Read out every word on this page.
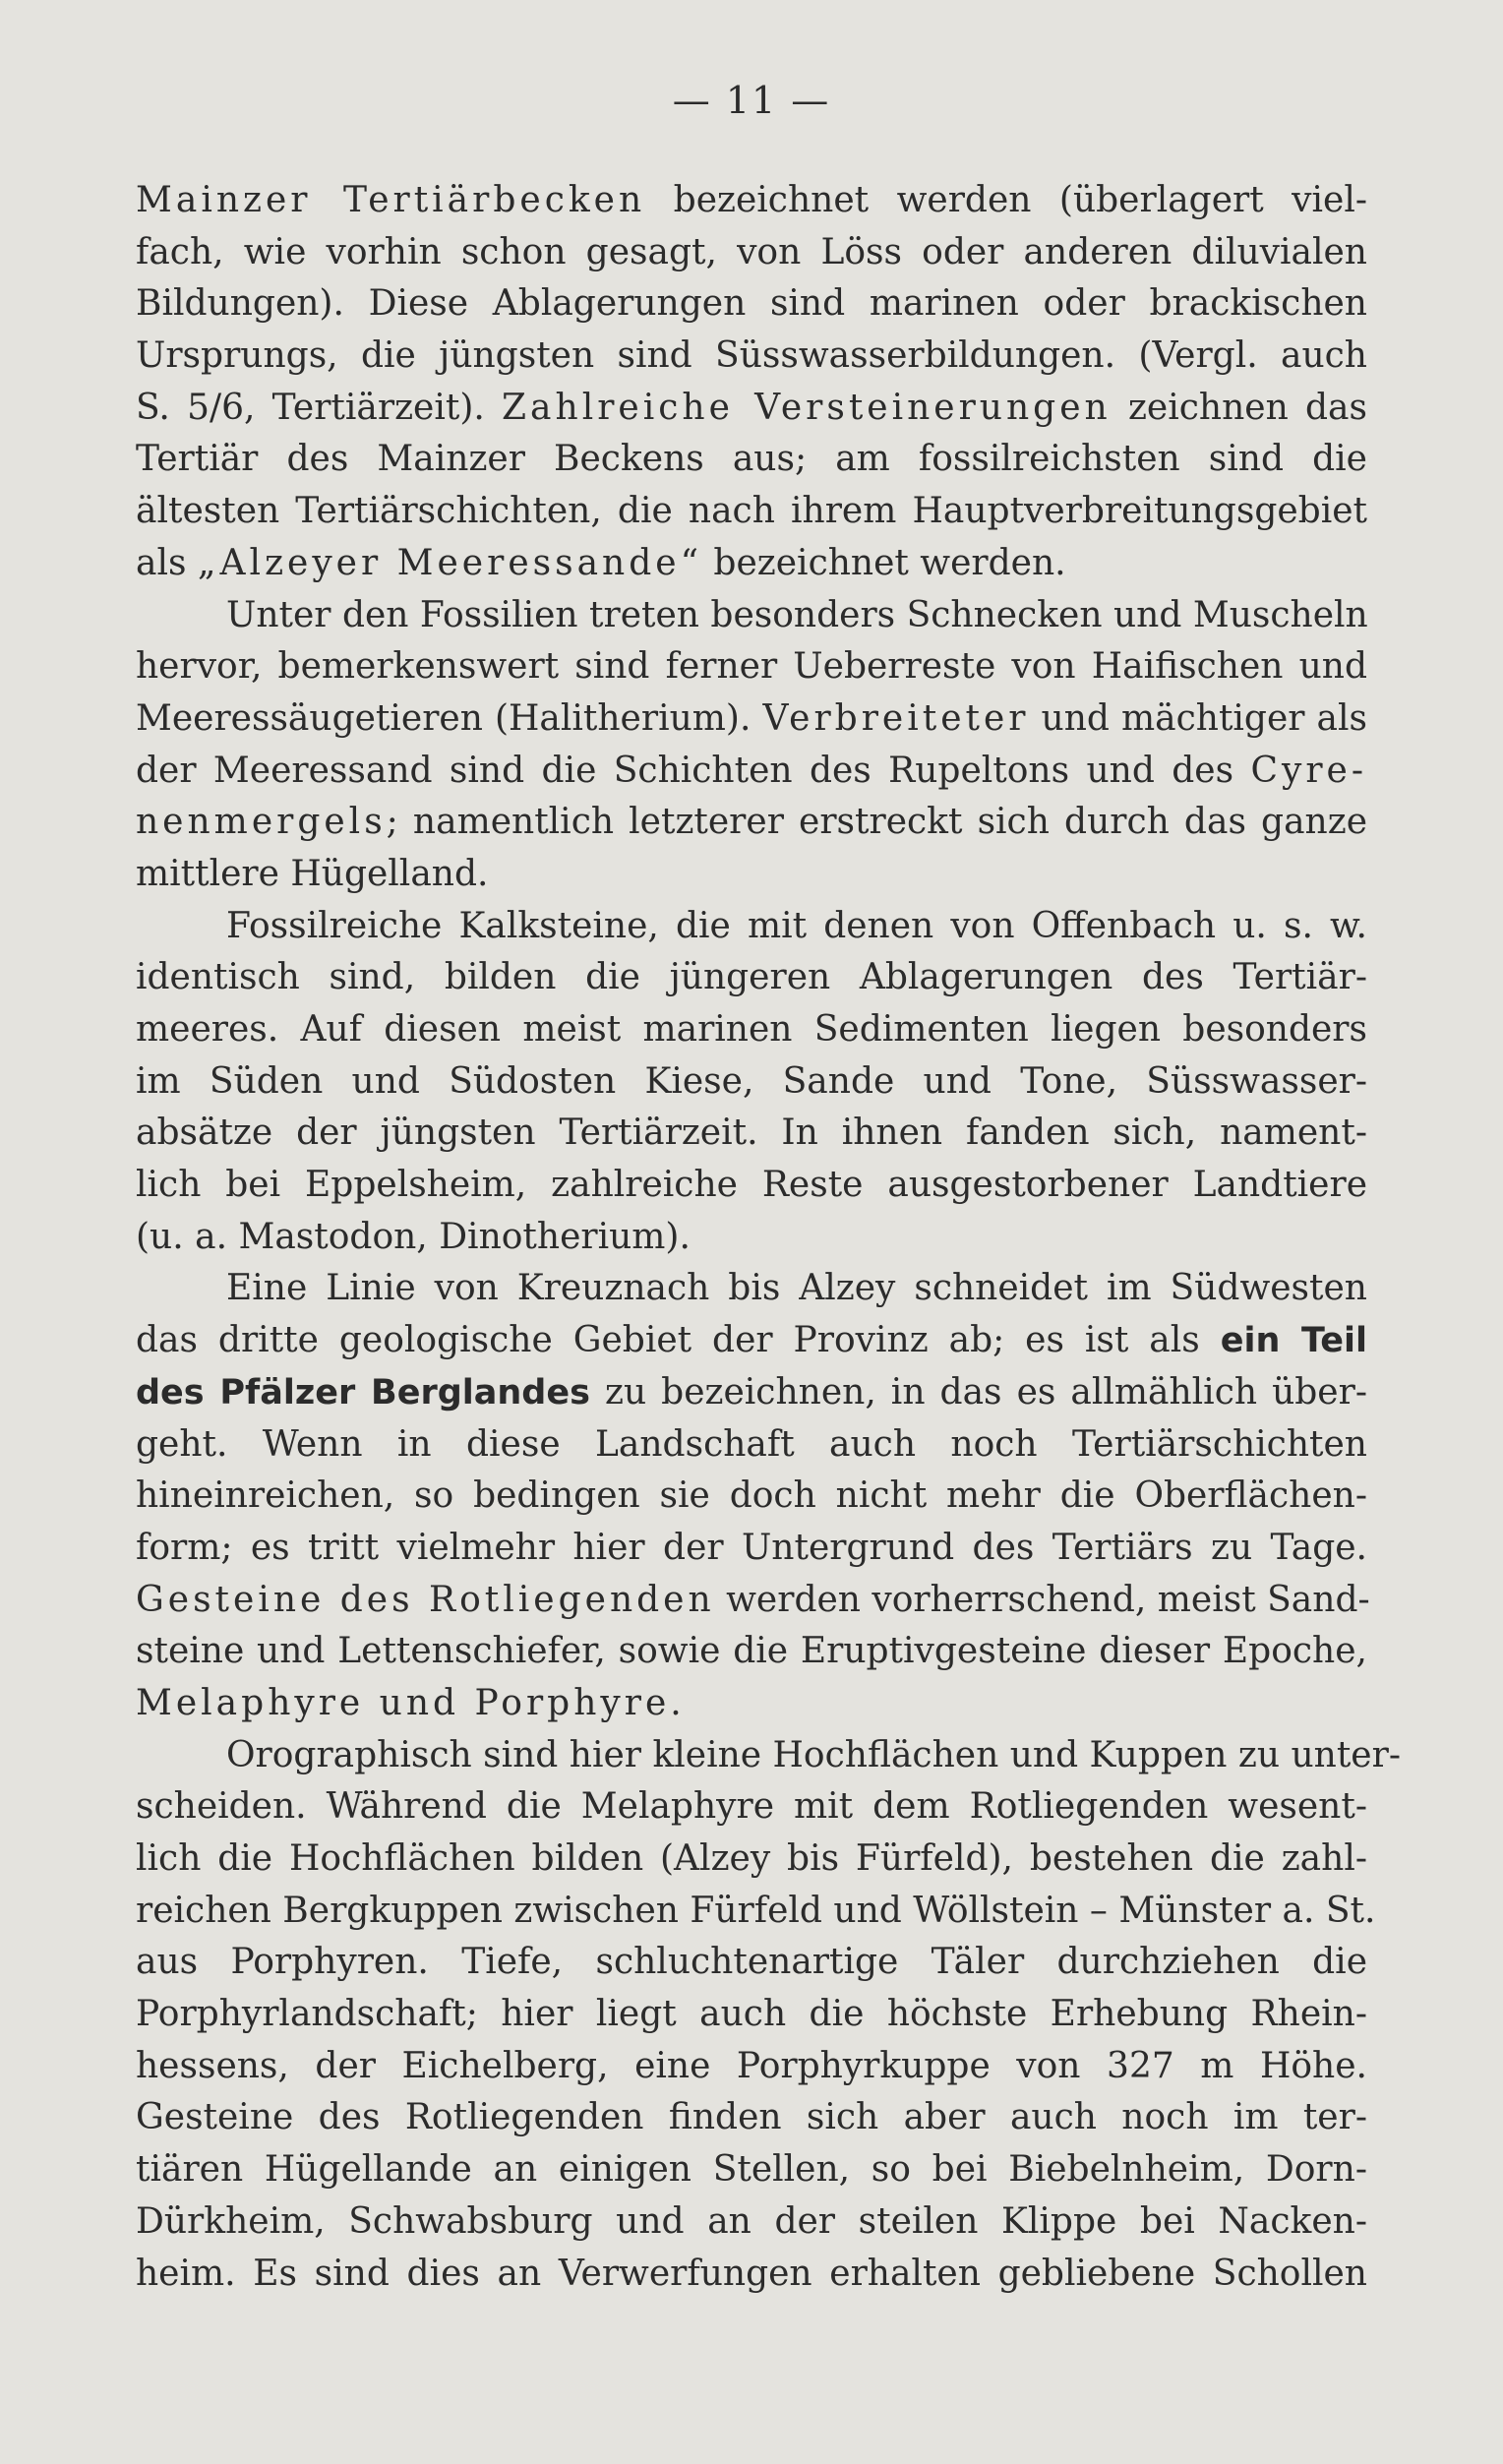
— 11 —
Mainzer Tertiärbecken bezeichnet werden (überlagert viel-
fach, wie vorhin schon gesagt, von Löss oder anderen diluvialen
Bildungen). Diese Ablagerungen sind marinen oder brackischen
Ursprungs, die jüngsten sind Süsswasserbildungen. (Vergl. auch
S. 5/6, Tertiärzeit). Zahlreiche Versteinerungen zeichnen das
Tertiär des Mainzer Beckens aus; am fossilreichsten sind die
ältesten Tertiärschichten, die nach ihrem Hauptverbreitungsgebiet
als „Alzeyer Meeressande“ bezeichnet werden.
Unter den Fossilien treten besonders Schnecken und Muscheln
hervor, bemerkenswert sind ferner Ueberreste von Haifischen und
Meeressäugetieren (Halitherium). Verbreiteter und mächtiger als
der Meeressand sind die Schichten des Rupeltons und des Cyre-
nenmergels; namentlich letzterer erstreckt sich durch das ganze
mittlere Hügelland.
Fossilreiche Kalksteine, die mit denen von Offenbach u. s. w.
identisch sind, bilden die jüngeren Ablagerungen des Tertiär-
meeres. Auf diesen meist marinen Sedimenten liegen besonders
im Süden und Südosten Kiese, Sande und Tone, Süsswasser-
absätze der jüngsten Tertiärzeit. In ihnen fanden sich, nament-
lich bei Eppelsheim, zahlreiche Reste ausgestorbener Landtiere
(u. a. Mastodon, Dinotherium).
Eine Linie von Kreuznach bis Alzey schneidet im Südwesten
das dritte geologische Gebiet der Provinz ab; es ist als ein Teil
des Pfälzer Berglandes zu bezeichnen, in das es allmählich über-
geht. Wenn in diese Landschaft auch noch Tertiärschichten
hineinreichen, so bedingen sie doch nicht mehr die Oberflächen-
form; es tritt vielmehr hier der Untergrund des Tertiärs zu Tage.
Gesteine des Rotliegenden werden vorherrschend, meist Sand-
steine und Lettenschiefer, sowie die Eruptivgesteine dieser Epoche,
Melaphyre und Porphyre.
Orographisch sind hier kleine Hochflächen und Kuppen zu unter-
scheiden. Während die Melaphyre mit dem Rotliegenden wesent-
lich die Hochflächen bilden (Alzey bis Fürfeld), bestehen die zahl-
reichen Bergkuppen zwischen Fürfeld und Wöllstein – Münster a. St.
aus Porphyren. Tiefe, schluchtenartige Täler durchziehen die
Porphyrlandschaft; hier liegt auch die höchste Erhebung Rhein-
hessens, der Eichelberg, eine Porphyrkuppe von 327 m Höhe.
Gesteine des Rotliegenden finden sich aber auch noch im ter-
tiären Hügellande an einigen Stellen, so bei Biebelnheim, Dorn-
Dürkheim, Schwabsburg und an der steilen Klippe bei Nacken-
heim. Es sind dies an Verwerfungen erhalten gebliebene Schollen
